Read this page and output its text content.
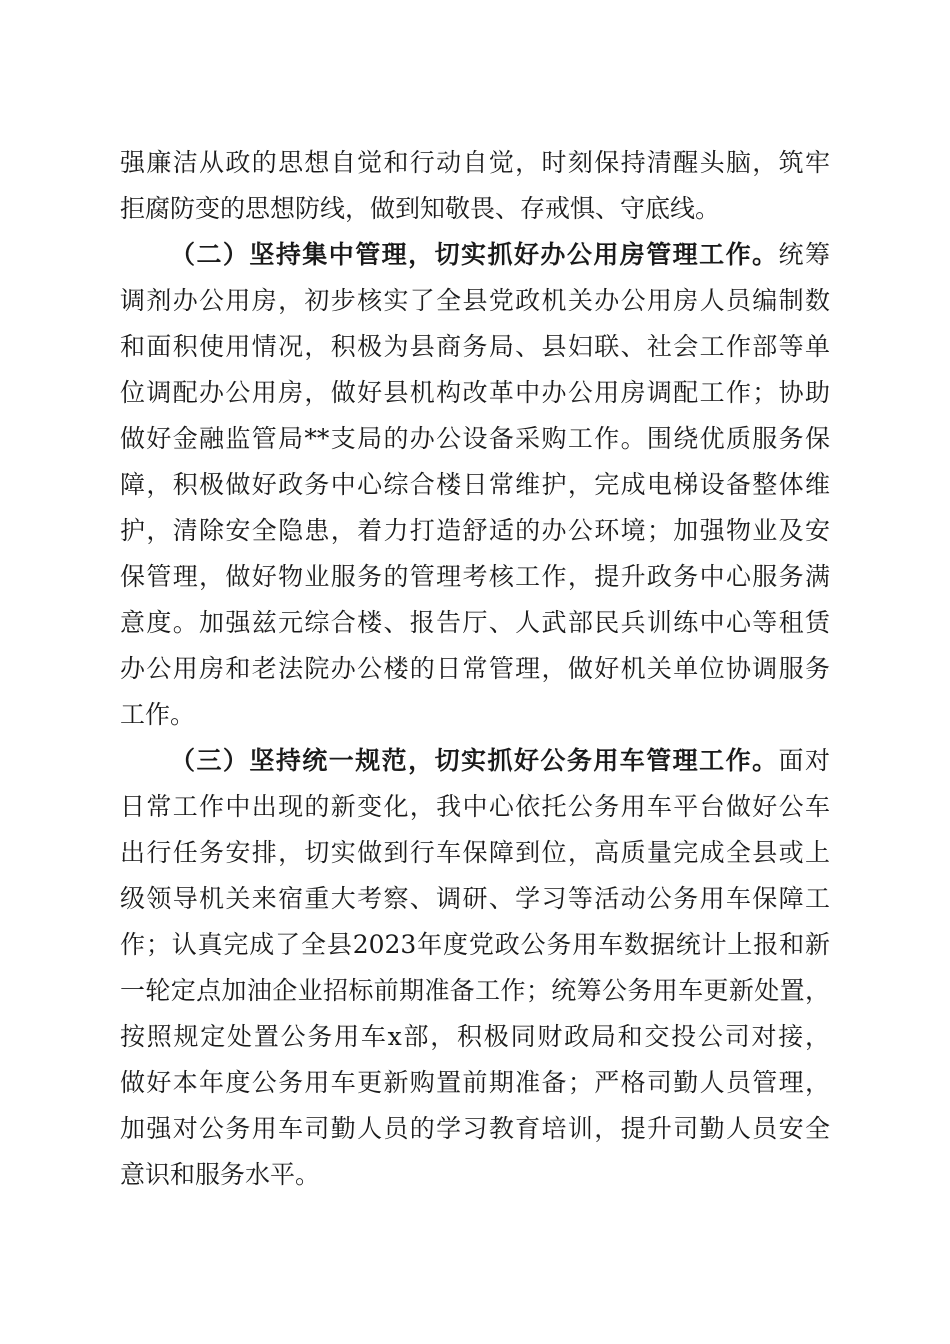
强廉洁从政的思想自觉和行动自觉，时刻保持清醒头脑，筑牢
拒腐防变的思想防线，做到知敬畏、存戒惧、守底线。
（二）坚持集中管理，切实抓好办公用房管理工作。统筹
调剂办公用房，初步核实了全县党政机关办公用房人员编制数
和面积使用情况，积极为县商务局、县妇联、社会工作部等单
位调配办公用房，做好县机构改革中办公用房调配工作；协助
做好金融监管局**支局的办公设备采购工作。围绕优质服务保
障，积极做好政务中心综合楼日常维护，完成电梯设备整体维
护，清除安全隐患，着力打造舒适的办公环境；加强物业及安
保管理，做好物业服务的管理考核工作，提升政务中心服务满
意度。加强兹元综合楼、报告厅、人武部民兵训练中心等租赁
办公用房和老法院办公楼的日常管理，做好机关单位协调服务
工作。
（三）坚持统一规范，切实抓好公务用车管理工作。面对
日常工作中出现的新变化，我中心依托公务用车平台做好公车
出行任务安排，切实做到行车保障到位，高质量完成全县或上
级领导机关来宿重大考察、调研、学习等活动公务用车保障工
作；认真完成了全县2023年度党政公务用车数据统计上报和新
一轮定点加油企业招标前期准备工作；统筹公务用车更新处置，
按照规定处置公务用车x部，积极同财政局和交投公司对接，
做好本年度公务用车更新购置前期准备；严格司勤人员管理，
加强对公务用车司勤人员的学习教育培训，提升司勤人员安全
意识和服务水平。
